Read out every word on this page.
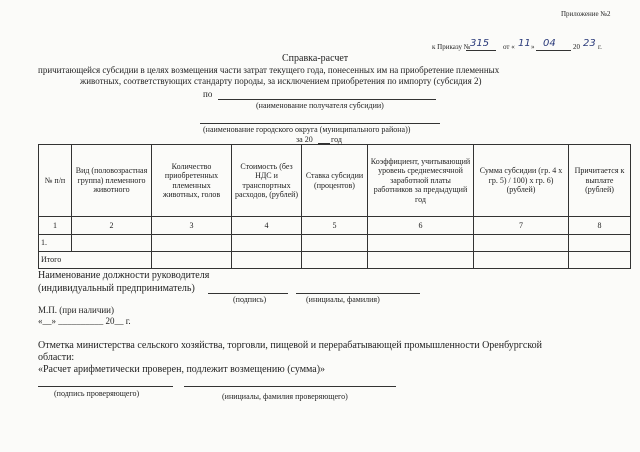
Приложение №2
к Приказу № 315 от « 11 » 04 20 23 г.
Справка-расчет
причитающейся субсидии в целях возмещения части затрат текущего года, понесенных им на приобретение племенных
животных, соответствующих стандарту породы, за исключением приобретения по импорту (субсидия 2)
по
(наименование получателя субсидии)
(наименование городского округа (муниципального района))
за 20 год
№ п/п	Вид (половозрастная группа) племенного животного	Количество приобретенных племенных животных, голов	Стоимость (без НДС и транспортных расходов, (рублей)	Ставка субсидии (процентов)	Коэффициент, учитывающий уровень среднемесячной заработной платы работников за предыдущий год	Сумма субсидии (гр. 4 х гр. 5) / 100) х гр. 6) (рублей)	Причитается к выплате (рублей)
1	2	3	4	5	6	7	8
1.							
Итого							
Наименование должности руководителя
(индивидуальный предприниматель)
(подпись)	(инициалы, фамилия)
М.П. (при наличии)
«__» __________ 20__ г.
Отметка министерства сельского хозяйства, торговли, пищевой и перерабатывающей промышленности Оренбургской
области:
«Расчет арифметически проверен, подлежит возмещению (сумма)»
(подпись проверяющего)	(инициалы, фамилия проверяющего)
